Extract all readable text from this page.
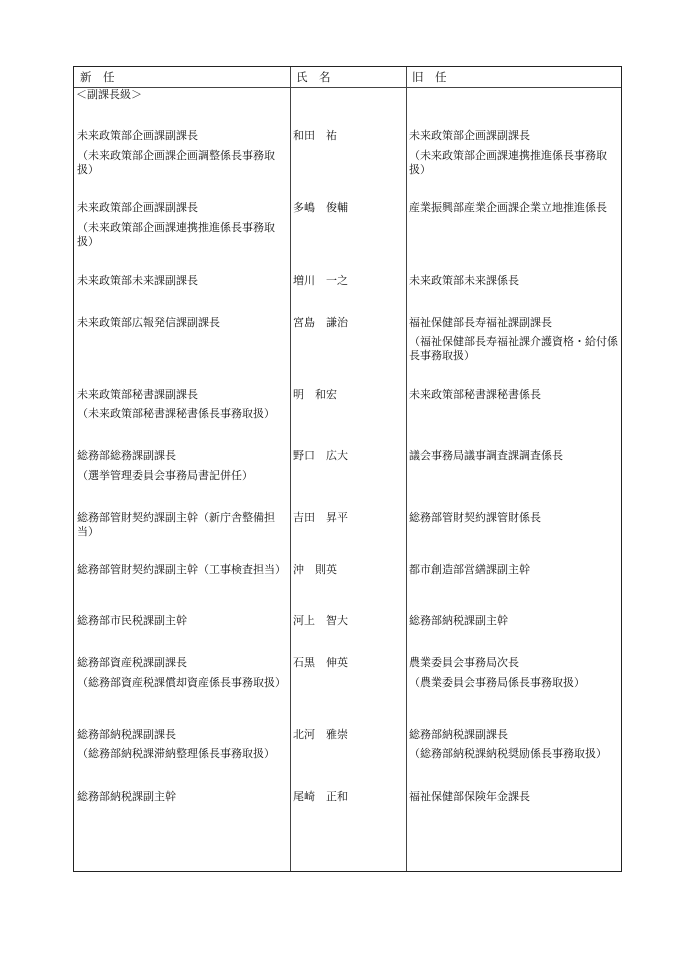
新　任	氏　名	旧　任
＜副課長級＞
未来政策部企画課副課長
（未来政策部企画課企画調整係長事務取扱）
和田　祐	未来政策部企画課副課長
（未来政策部企画課連携推進係長事務取扱）
未来政策部企画課副課長
（未来政策部企画課連携推進係長事務取扱）
多嶋　俊輔	産業振興部産業企画課企業立地推進係長
未来政策部未来課副課長	増川　一之	未来政策部未来課係長
未来政策部広報発信課副課長	宮島　謙治	福祉保健部長寿福祉課副課長
（福祉保健部長寿福祉課介護資格・給付係長事務取扱）
未来政策部秘書課副課長
（未来政策部秘書課秘書係長事務取扱）
明　和宏	未来政策部秘書課秘書係長
総務部総務課副課長
（選挙管理委員会事務局書記併任）
野口　広大	議会事務局議事調査課調査係長
総務部管財契約課副主幹（新庁舎整備担当）
吉田　昇平	総務部管財契約課管財係長
総務部管財契約課副主幹（工事検査担当） 沖　則英	都市創造部営繕課副主幹
総務部市民税課副主幹	河上　智大	総務部納税課副主幹
総務部資産税課副課長
（総務部資産税課償却資産係長事務取扱）
石黒　伸英	農業委員会事務局次長
（農業委員会事務局係長事務取扱）
総務部納税課副課長
（総務部納税課滞納整理係長事務取扱）
北河　雅崇	総務部納税課副課長
（総務部納税課納税奨励係長事務取扱）
総務部納税課副主幹	尾崎　正和	福祉保健部保険年金課長
